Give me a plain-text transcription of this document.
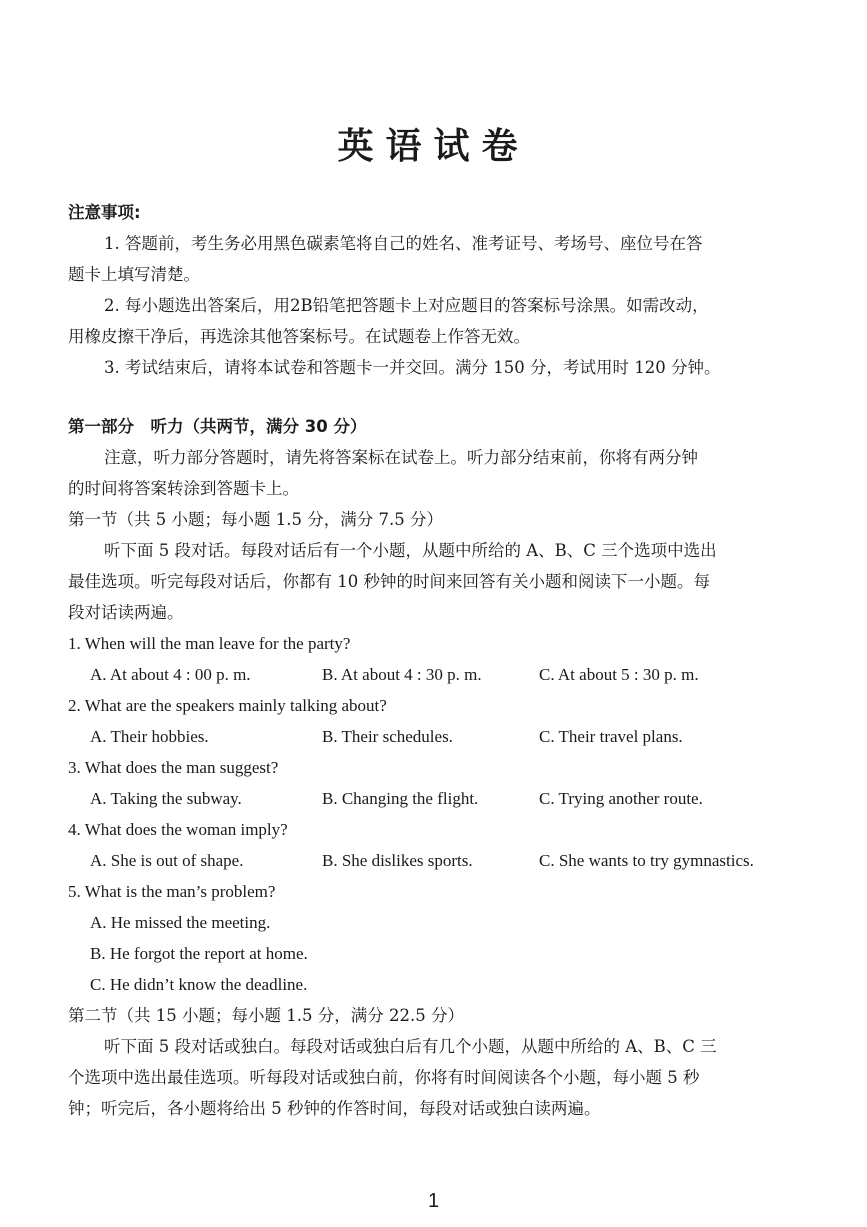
英语试卷
注意事项:
1. 答题前，考生务必用黑色碳素笔将自己的姓名、准考证号、考场号、座位号在答
题卡上填写清楚。
2. 每小题选出答案后，用2B铅笔把答题卡上对应题目的答案标号涂黑。如需改动，
用橡皮擦干净后，再选涂其他答案标号。在试题卷上作答无效。
3. 考试结束后，请将本试卷和答题卡一并交回。满分 150 分，考试用时 120 分钟。
第一部分　听力（共两节，满分 30 分）
注意，听力部分答题时，请先将答案标在试卷上。听力部分结束前，你将有两分钟
的时间将答案转涂到答题卡上。
第一节（共 5 小题；每小题 1.5 分，满分 7.5 分）
听下面 5 段对话。每段对话后有一个小题，从题中所给的 A、B、C 三个选项中选出
最佳选项。听完每段对话后，你都有 10 秒钟的时间来回答有关小题和阅读下一小题。每
段对话读两遍。
1. When will the man leave for the party?
A. At about 4 : 00 p. m.	B. At about 4 : 30 p. m.	C. At about 5 : 30 p. m.
2. What are the speakers mainly talking about?
A. Their hobbies.	B. Their schedules.	C. Their travel plans.
3. What does the man suggest?
A. Taking the subway.	B. Changing the flight.	C. Trying another route.
4. What does the woman imply?
A. She is out of shape.	B. She dislikes sports.	C. She wants to try gymnastics.
5. What is the man’s problem?
A. He missed the meeting.
B. He forgot the report at home.
C. He didn’t know the deadline.
第二节（共 15 小题；每小题 1.5 分，满分 22.5 分）
听下面 5 段对话或独白。每段对话或独白后有几个小题，从题中所给的 A、B、C 三
个选项中选出最佳选项。听每段对话或独白前，你将有时间阅读各个小题，每小题 5 秒
钟；听完后，各小题将给出 5 秒钟的作答时间，每段对话或独白读两遍。
1
